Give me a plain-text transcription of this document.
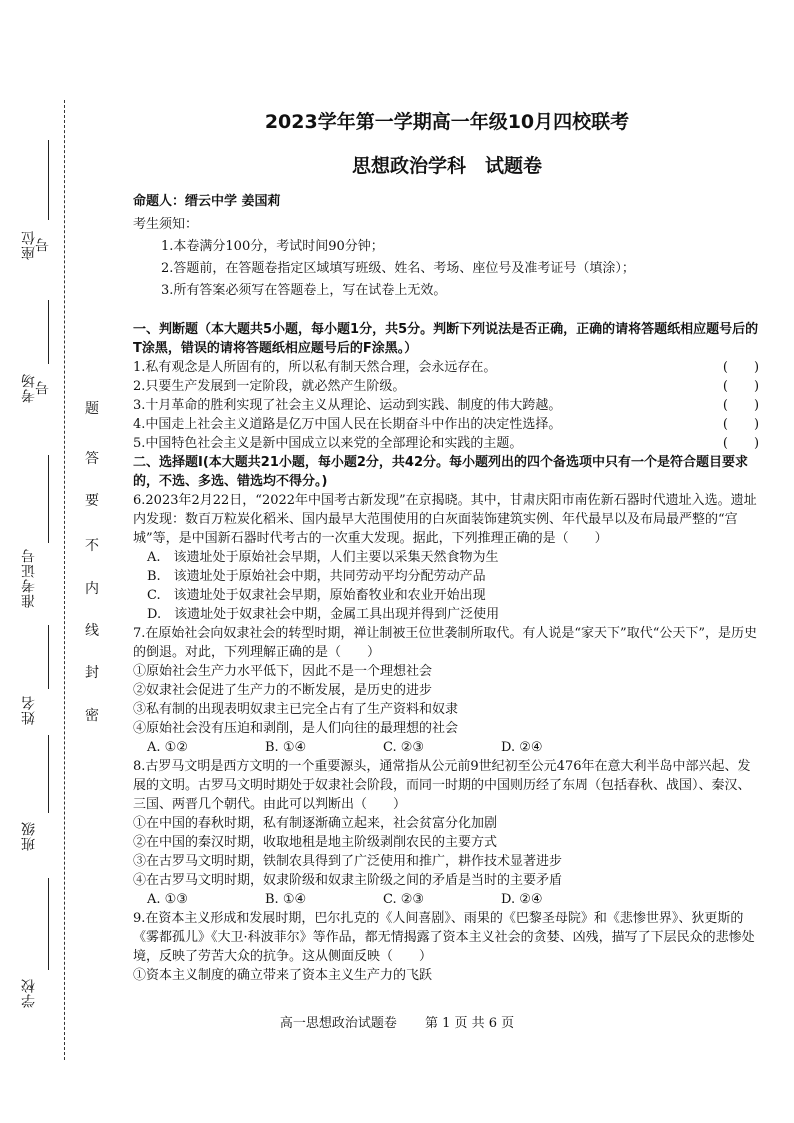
座位号
考场号
准考证号
姓名
班级
学校
题
答
要
不
内
线
封
密
2023学年第一学期高一年级10月四校联考
思想政治学科　试题卷
命题人：缙云中学 姜国莉
考生须知：
1.本卷满分100分，考试时间90分钟；
2.答题前，在答题卷指定区域填写班级、姓名、考场、座位号及准考证号（填涂）；
3.所有答案必须写在答题卷上，写在试卷上无效。
一、判断题（本大题共5小题，每小题1分，共5分。判断下列说法是否正确，正确的请将答题纸相应题号后的T涂黑，错误的请将答题纸相应题号后的F涂黑。）
1.私有观念是人所固有的，所以私有制天然合理，会永远存在。	(　　)
2.只要生产发展到一定阶段，就必然产生阶级。	(　　)
3.十月革命的胜利实现了社会主义从理论、运动到实践、制度的伟大跨越。	(　　)
4.中国走上社会主义道路是亿万中国人民在长期奋斗中作出的决定性选择。	(　　)
5.中国特色社会主义是新中国成立以来党的全部理论和实践的主题。	(　　)
二、选择题Ⅰ(本大题共21小题，每小题2分，共42分。每小题列出的四个备选项中只有一个是符合题目要求的，不选、多选、错选均不得分。)
6.2023年2月22日，“2022年中国考古新发现”在京揭晓。其中，甘肃庆阳市南佐新石器时代遗址入选。遗址内发现：数百万粒炭化稻米、国内最早大范围使用的白灰面装饰建筑实例、年代最早以及布局最严整的“宫城”等，是中国新石器时代考古的一次重大发现。据此，下列推理正确的是（　　）
A.　该遗址处于原始社会早期，人们主要以采集天然食物为生
B.　该遗址处于原始社会中期，共同劳动平均分配劳动产品
C.　该遗址处于奴隶社会早期，原始畜牧业和农业开始出现
D.　该遗址处于奴隶社会中期，金属工具出现并得到广泛使用
7.在原始社会向奴隶社会的转型时期，禅让制被王位世袭制所取代。有人说是“家天下”取代“公天下”，是历史的倒退。对此，下列理解正确的是（　　）
①原始社会生产力水平低下，因此不是一个理想社会
②奴隶社会促进了生产力的不断发展，是历史的进步
③私有制的出现表明奴隶主已完全占有了生产资料和奴隶
④原始社会没有压迫和剥削，是人们向往的最理想的社会
A. ①②	B. ①④	C. ②③	D. ②④
8.古罗马文明是西方文明的一个重要源头，通常指从公元前9世纪初至公元476年在意大利半岛中部兴起、发展的文明。古罗马文明时期处于奴隶社会阶段，而同一时期的中国则历经了东周（包括春秋、战国）、秦汉、三国、两晋几个朝代。由此可以判断出（　　）
①在中国的春秋时期，私有制逐渐确立起来，社会贫富分化加剧
②在中国的秦汉时期，收取地租是地主阶级剥削农民的主要方式
③在古罗马文明时期，铁制农具得到了广泛使用和推广，耕作技术显著进步
④在古罗马文明时期，奴隶阶级和奴隶主阶级之间的矛盾是当时的主要矛盾
A. ①③	B. ①④	C. ②③	D. ②④
9.在资本主义形成和发展时期，巴尔扎克的《人间喜剧》、雨果的《巴黎圣母院》和《悲惨世界》、狄更斯的《雾都孤儿》《大卫·科波菲尔》等作品，都无情揭露了资本主义社会的贪婪、凶残，描写了下层民众的悲惨处境，反映了劳苦大众的抗争。这从侧面反映（　　）
①资本主义制度的确立带来了资本主义生产力的飞跃
高一思想政治试题卷 第 1 页 共 6 页
